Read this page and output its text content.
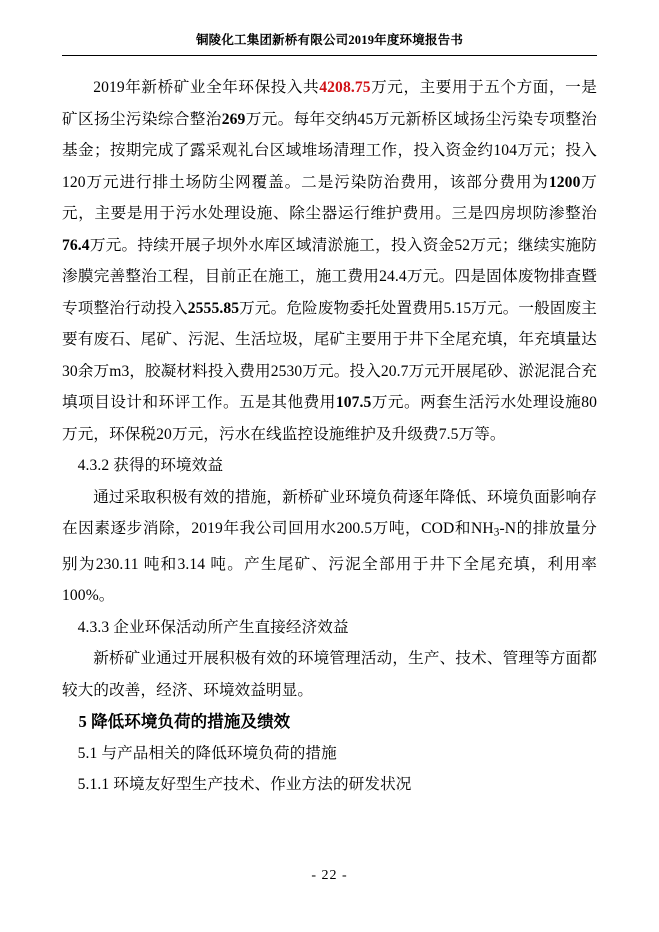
铜陵化工集团新桥有限公司2019年度环境报告书

2019年新桥矿业全年环保投入共4208.75万元，主要用于五个方面，一是矿区扬尘污染综合整治269万元。每年交纳45万元新桥区域扬尘污染专项整治基金；按期完成了露采观礼台区域堆场清理工作，投入资金约104万元；投入120万元进行排土场防尘网覆盖。二是污染防治费用，该部分费用为1200万元，主要是用于污水处理设施、除尘器运行维护费用。三是四房坝防渗整治76.4万元。持续开展子坝外水库区域清淤施工，投入资金52万元；继续实施防渗膜完善整治工程，目前正在施工，施工费用24.4万元。四是固体废物排查暨专项整治行动投入2555.85万元。危险废物委托处置费用5.15万元。一般固废主要有废石、尾矿、污泥、生活垃圾，尾矿主要用于井下全尾充填，年充填量达30余万m3，胶凝材料投入费用2530万元。投入20.7万元开展尾砂、淤泥混合充填项目设计和环评工作。五是其他费用107.5万元。两套生活污水处理设施80万元，环保税20万元，污水在线监控设施维护及升级费7.5万等。

4.3.2 获得的环境效益

通过采取积极有效的措施，新桥矿业环境负荷逐年降低、环境负面影响存在因素逐步消除，2019年我公司回用水200.5万吨，COD和$NH_3-N$的排放量分别为230.11 吨和3.14 吨。产生尾矿、污泥全部用于井下全尾充填，利用率100%。

4.3.3 企业环保活动所产生直接经济效益

新桥矿业通过开展积极有效的环境管理活动，生产、技术、管理等方面都较大的改善，经济、环境效益明显。

5 降低环境负荷的措施及缋效

5.1 与产品相关的降低环境负荷的措施

5.1.1 环境友好型生产技术、作业方法的研发状况

- 22 -
